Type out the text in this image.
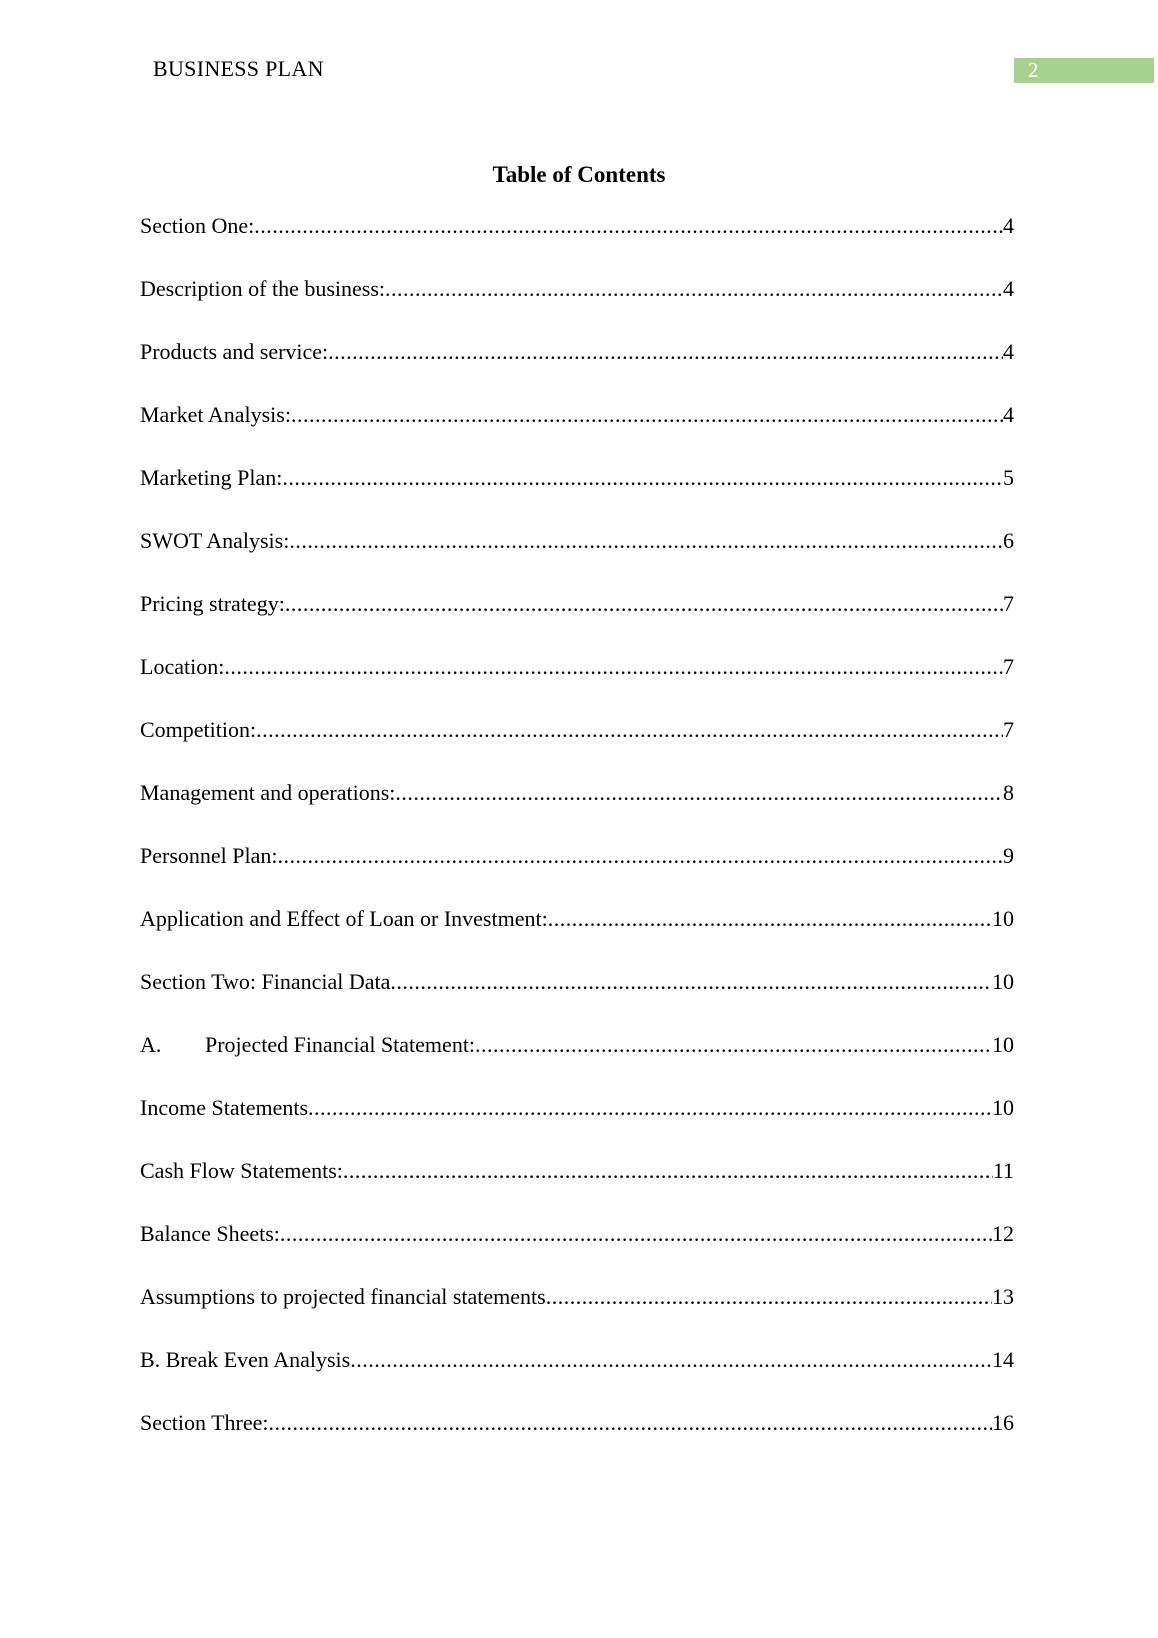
BUSINESS PLAN	2
Table of Contents
Section One: .....	4
Description of the business: .....	4
Products and service: .....	4
Market Analysis: .....	4
Marketing Plan: .....	5
SWOT Analysis: .....	6
Pricing strategy: .....	7
Location: .....	7
Competition: .....	7
Management and operations: .....	8
Personnel Plan: .....	9
Application and Effect of Loan or Investment: .....	10
Section Two: Financial Data .....	10
A. Projected Financial Statement: .....	10
Income Statements .....	10
Cash Flow Statements: .....	11
Balance Sheets: .....	12
Assumptions to projected financial statements .....	13
B. Break Even Analysis .....	14
Section Three: .....	16
